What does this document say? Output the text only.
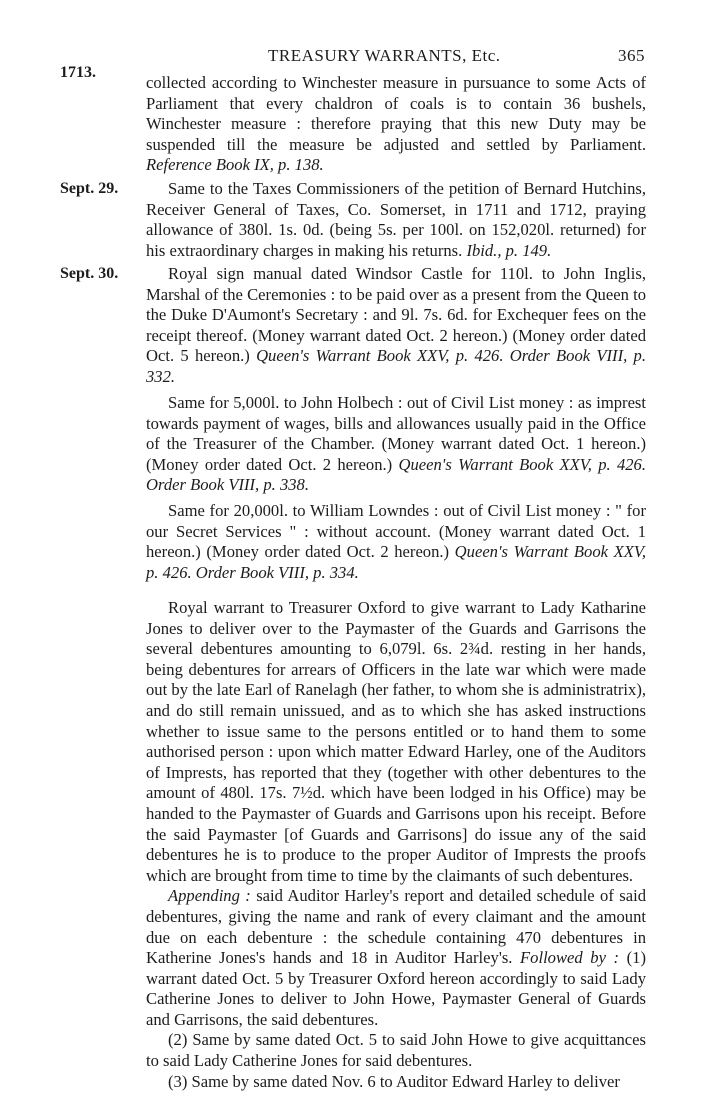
TREASURY WARRANTS, Etc.	365
1713.

collected according to Winchester measure in pursuance to some Acts of Parliament that every chaldron of coals is to contain 36 bushels, Winchester measure : therefore praying that this new Duty may be suspended till the measure be adjusted and settled by Parliament. Reference Book IX, p. 138.

Sept. 29.	Same to the Taxes Commissioners of the petition of Bernard Hutchins, Receiver General of Taxes, Co. Somerset, in 1711 and 1712, praying allowance of 380l. 1s. 0d. (being 5s. per 100l. on 152,020l. returned) for his extraordinary charges in making his returns. Ibid., p. 149.

Sept. 30.	Royal sign manual dated Windsor Castle for 110l. to John Inglis, Marshal of the Ceremonies : to be paid over as a present from the Queen to the Duke D'Aumont's Secretary : and 9l. 7s. 6d. for Exchequer fees on the receipt thereof. (Money warrant dated Oct. 2 hereon.) (Money order dated Oct. 5 hereon.) Queen's Warrant Book XXV, p. 426. Order Book VIII, p. 332.

Same for 5,000l. to John Holbech : out of Civil List money : as imprest towards payment of wages, bills and allowances usually paid in the Office of the Treasurer of the Chamber. (Money warrant dated Oct. 1 hereon.) (Money order dated Oct. 2 hereon.) Queen's Warrant Book XXV, p. 426. Order Book VIII, p. 338.

Same for 20,000l. to William Lowndes : out of Civil List money : " for our Secret Services " : without account. (Money warrant dated Oct. 1 hereon.) (Money order dated Oct. 2 hereon.) Queen's Warrant Book XXV, p. 426. Order Book VIII, p. 334.

Royal warrant to Treasurer Oxford to give warrant to Lady Katharine Jones to deliver over to the Paymaster of the Guards and Garrisons the several debentures amounting to 6,079l. 6s. 2¾d. resting in her hands, being debentures for arrears of Officers in the late war which were made out by the late Earl of Ranelagh (her father, to whom she is administratrix), and do still remain unissued, and as to which she has asked instructions whether to issue same to the persons entitled or to hand them to some authorised person : upon which matter Edward Harley, one of the Auditors of Imprests, has reported that they (together with other debentures to the amount of 480l. 17s. 7½d. which have been lodged in his Office) may be handed to the Paymaster of Guards and Garrisons upon his receipt. Before the said Paymaster [of Guards and Garrisons] do issue any of the said debentures he is to produce to the proper Auditor of Imprests the proofs which are brought from time to time by the claimants of such debentures.

Appending : said Auditor Harley's report and detailed schedule of said debentures, giving the name and rank of every claimant and the amount due on each debenture : the schedule containing 470 debentures in Katherine Jones's hands and 18 in Auditor Harley's. Followed by : (1) warrant dated Oct. 5 by Treasurer Oxford hereon accordingly to said Lady Catherine Jones to deliver to John Howe, Paymaster General of Guards and Garrisons, the said debentures.

(2) Same by same dated Oct. 5 to said John Howe to give acquittances to said Lady Catherine Jones for said debentures.

(3) Same by same dated Nov. 6 to Auditor Edward Harley to deliver
